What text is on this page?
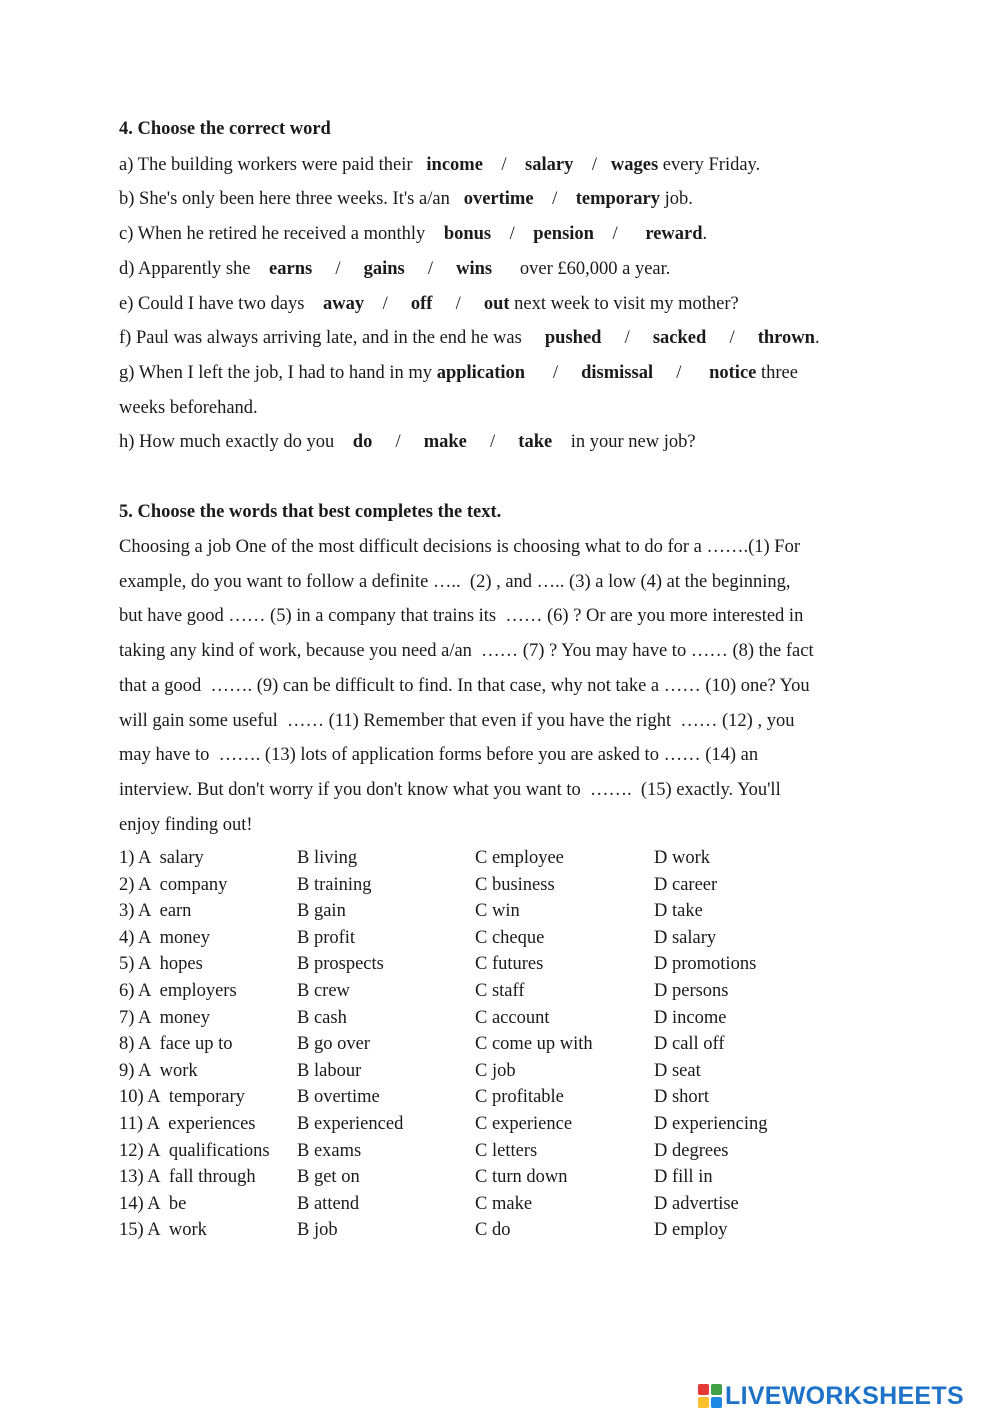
4. Choose the correct word
a) The building workers were paid their   income    /    salary    /   wages every Friday.
b) She's only been here three weeks. It's a/an   overtime    /    temporary job.
c) When he retired he received a monthly    bonus    /    pension    /      reward.
d) Apparently she    earns     /     gains     /     wins      over £60,000 a year.
e) Could I have two days    away    /     off     /     out next week to visit my mother?
f) Paul was always arriving late, and in the end he was     pushed     /     sacked     /     thrown.
g) When I left the job, I had to hand in my application      /     dismissal     /      notice three
weeks beforehand.
h) How much exactly do you    do     /     make     /     take    in your new job?
5. Choose the words that best completes the text.
Choosing a job One of the most difficult decisions is choosing what to do for a …….(1) For
example, do you want to follow a definite …..  (2) , and ….. (3) a low (4) at the beginning,
but have good …… (5) in a company that trains its  …… (6) ? Or are you more interested in
taking any kind of work, because you need a/an  …… (7) ? You may have to …… (8) the fact
that a good  ……. (9) can be difficult to find. In that case, why not take a …… (10) one? You
will gain some useful  …… (11) Remember that even if you have the right  …… (12) , you
may have to  ……. (13) lots of application forms before you are asked to …… (14) an
interview. But don't worry if you don't know what you want to  …….  (15) exactly. You'll
enjoy finding out!
1) A  salary	B living	C employee	D work
2) A  company	B training	C business	D career
3) A  earn	B gain	C win	D take
4) A  money	B profit	C cheque	D salary
5) A  hopes	B prospects	C futures	D promotions
6) A  employers	B crew	C staff	D persons
7) A  money	B cash	C account	D income
8) A  face up to	B go over	C come up with	D call off
9) A  work	B labour	C job	D seat
10) A  temporary	B overtime	C profitable	D short
11) A  experiences B experienced	C experience	D experiencing
12) A  qualifications B exams	C letters	D degrees
13) A  fall through B get on	C turn down	D fill in
14) A  be	B attend	C make	D advertise
15) A  work	B job	C do	D employ
LIVEWORKSHEETS
